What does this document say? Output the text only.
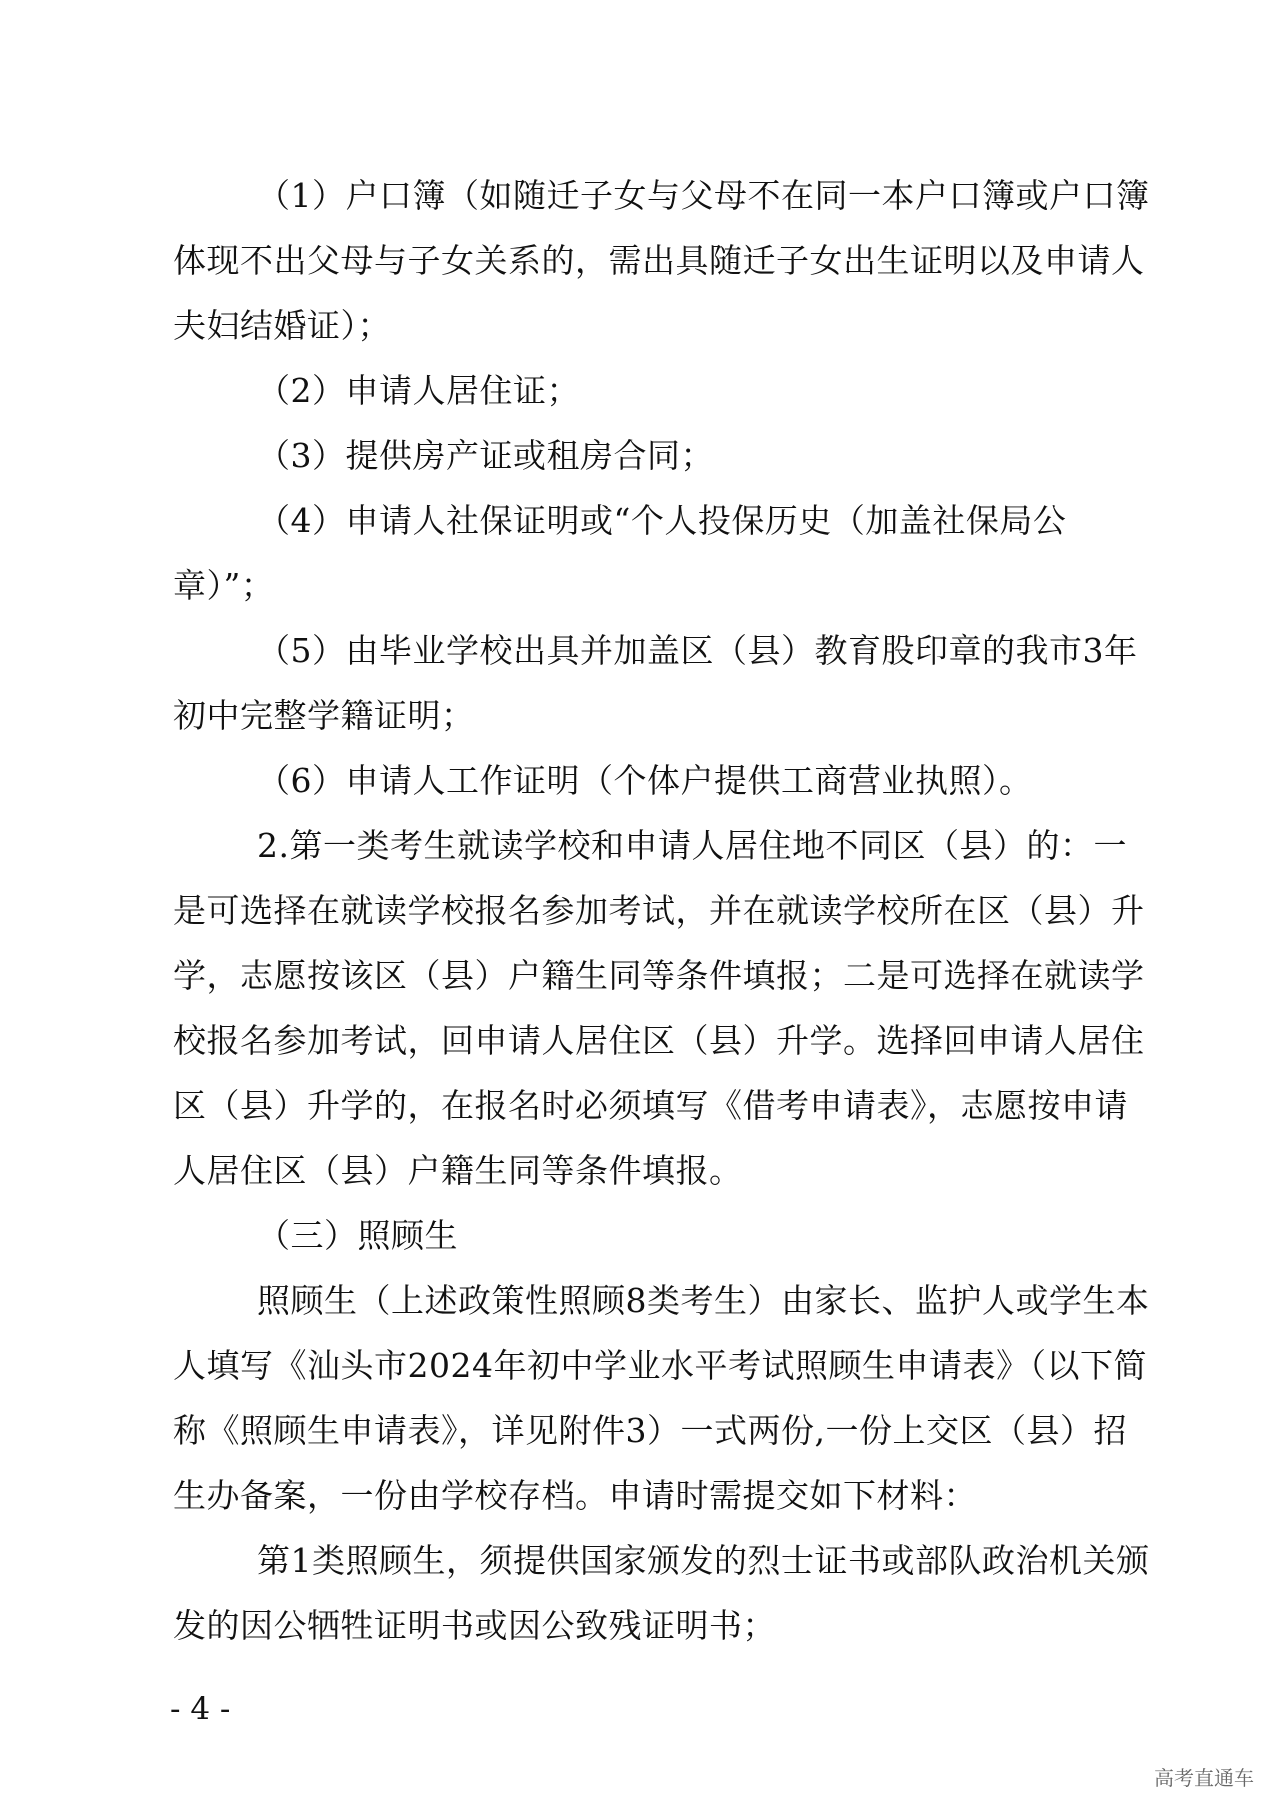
（1）户口簿（如随迁子女与父母不在同一本户口簿或户口簿体现不出父母与子女关系的，需出具随迁子女出生证明以及申请人夫妇结婚证）；

（2）申请人居住证；

（3）提供房产证或租房合同；

（4）申请人社保证明或“个人投保历史（加盖社保局公章）”；

（5）由毕业学校出具并加盖区（县）教育股印章的我市3年初中完整学籍证明；

（6）申请人工作证明（个体户提供工商营业执照）。

2.第一类考生就读学校和申请人居住地不同区（县）的：一是可选择在就读学校报名参加考试，并在就读学校所在区（县）升学，志愿按该区（县）户籍生同等条件填报；二是可选择在就读学校报名参加考试，回申请人居住区（县）升学。选择回申请人居住区（县）升学的，在报名时必须填写《借考申请表》，志愿按申请人居住区（县）户籍生同等条件填报。

（三）照顾生

照顾生（上述政策性照顾8类考生）由家长、监护人或学生本人填写《汕头市2024年初中学业水平考试照顾生申请表》（以下简称《照顾生申请表》，详见附件3）一式两份,一份上交区（县）招生办备案，一份由学校存档。申请时需提交如下材料：

第1类照顾生，须提供国家颁发的烈士证书或部队政治机关颁发的因公牺牲证明书或因公致残证明书；

- 4 -
高考直通车
